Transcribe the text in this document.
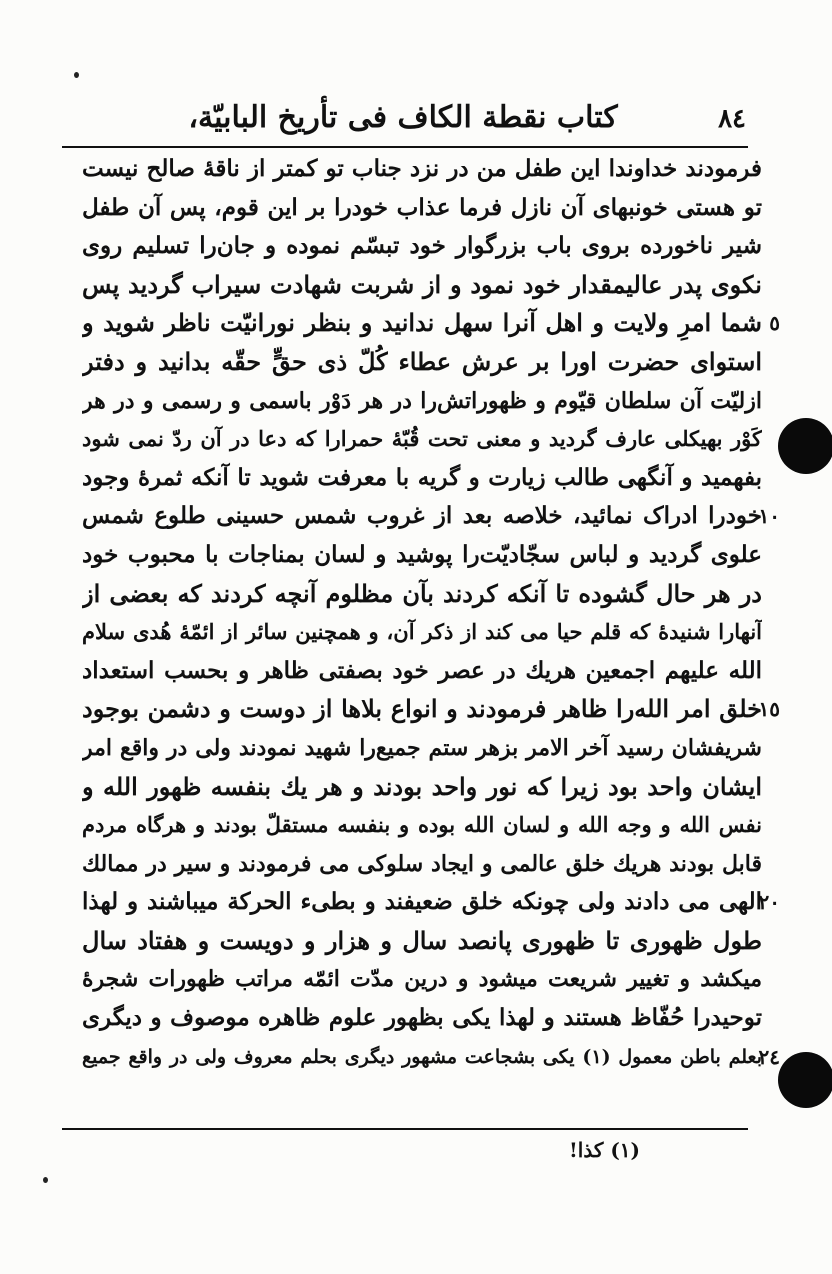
٨٤
كتاب نقطة الكاف فى تأريخ البابيّة،
فرمودند خداوندا این طفل من در نزد جناب تو کمتر از ناقهٔ صالح نیست
تو هستی خونبهای آن نازل فرما عذاب خودرا بر این قوم، پس آن طفل
شیر ناخورده بروی باب بزرگوار خود تبسّم نموده و جان‌را تسلیم روی
نکوی پدر عالیمقدار خود نمود و از شربت شهادت سیراب گردید پس
٥
شما امرِ ولایت و اهل آنرا سهل ندانید و بنظر نورانیّت ناظر شوید و
استوای حضرت اورا بر عرش عطاء کُلّ ذی حقٍّ حقّه بدانید و دفتر
ازلیّت آن سلطان قیّوم و ظهوراتش‌را در هر دَوْر باسمی و رسمی و در هر
کَوْر بهیکلی عارف گردید و معنی تحت قُبّهٔ حمرارا که دعا در آن ردّ نمی شود
بفهمید و آنگهی طالب زیارت و گریه با معرفت شوید تا آنکه ثمرهٔ وجود
١٠
خودرا ادراک نمائید، خلاصه بعد از غروب شمس حسینی طلوع شمس
علوی گردید و لباس سجّادیّت‌را پوشید و لسان بمناجات با محبوب خود
در هر حال گشوده تا آنکه کردند بآن مظلوم آنچه کردند که بعضی از
آنهارا شنیدهٔ که قلم حیا می کند از ذکر آن، و همچنین سائر از ائمّهٔ هُدی سلام
الله علیهم اجمعین هریك در عصر خود بصفتی ظاهر و بحسب استعداد
١٥
خلق امر الله‌را ظاهر فرمودند و انواع بلاها از دوست و دشمن بوجود
شریفشان رسید آخر الامر بزهر ستم جمیع‌را شهید نمودند ولی در واقع امر
ایشان واحد بود زیرا که نور واحد بودند و هر یك بنفسه ظهور الله و
نفس الله و وجه الله و لسان الله بوده و بنفسه مستقلّ بودند و هرگاه مردم
قابل بودند هریك خلق عالمی و ایجاد سلوکی می فرمودند و سیر در ممالك
٢٠
الهی می دادند ولی چونکه خلق ضعیفند و بطیء الحرکة میباشند و لهذا
طول ظهوری تا ظهوری پانصد سال و هزار و دویست و هفتاد سال
میکشد و تغییر شریعت میشود و درین مدّت ائمّه مراتب ظهورات شجرهٔ
توحیدرا حُفّاظ هستند و لهذا یکی بظهور علوم ظاهره موصوف و دیگری
٢٤
بعلم باطن معمول (١) یکی بشجاعت مشهور دیگری بحلم معروف ولی در واقع جمیع
(١) كذا!
